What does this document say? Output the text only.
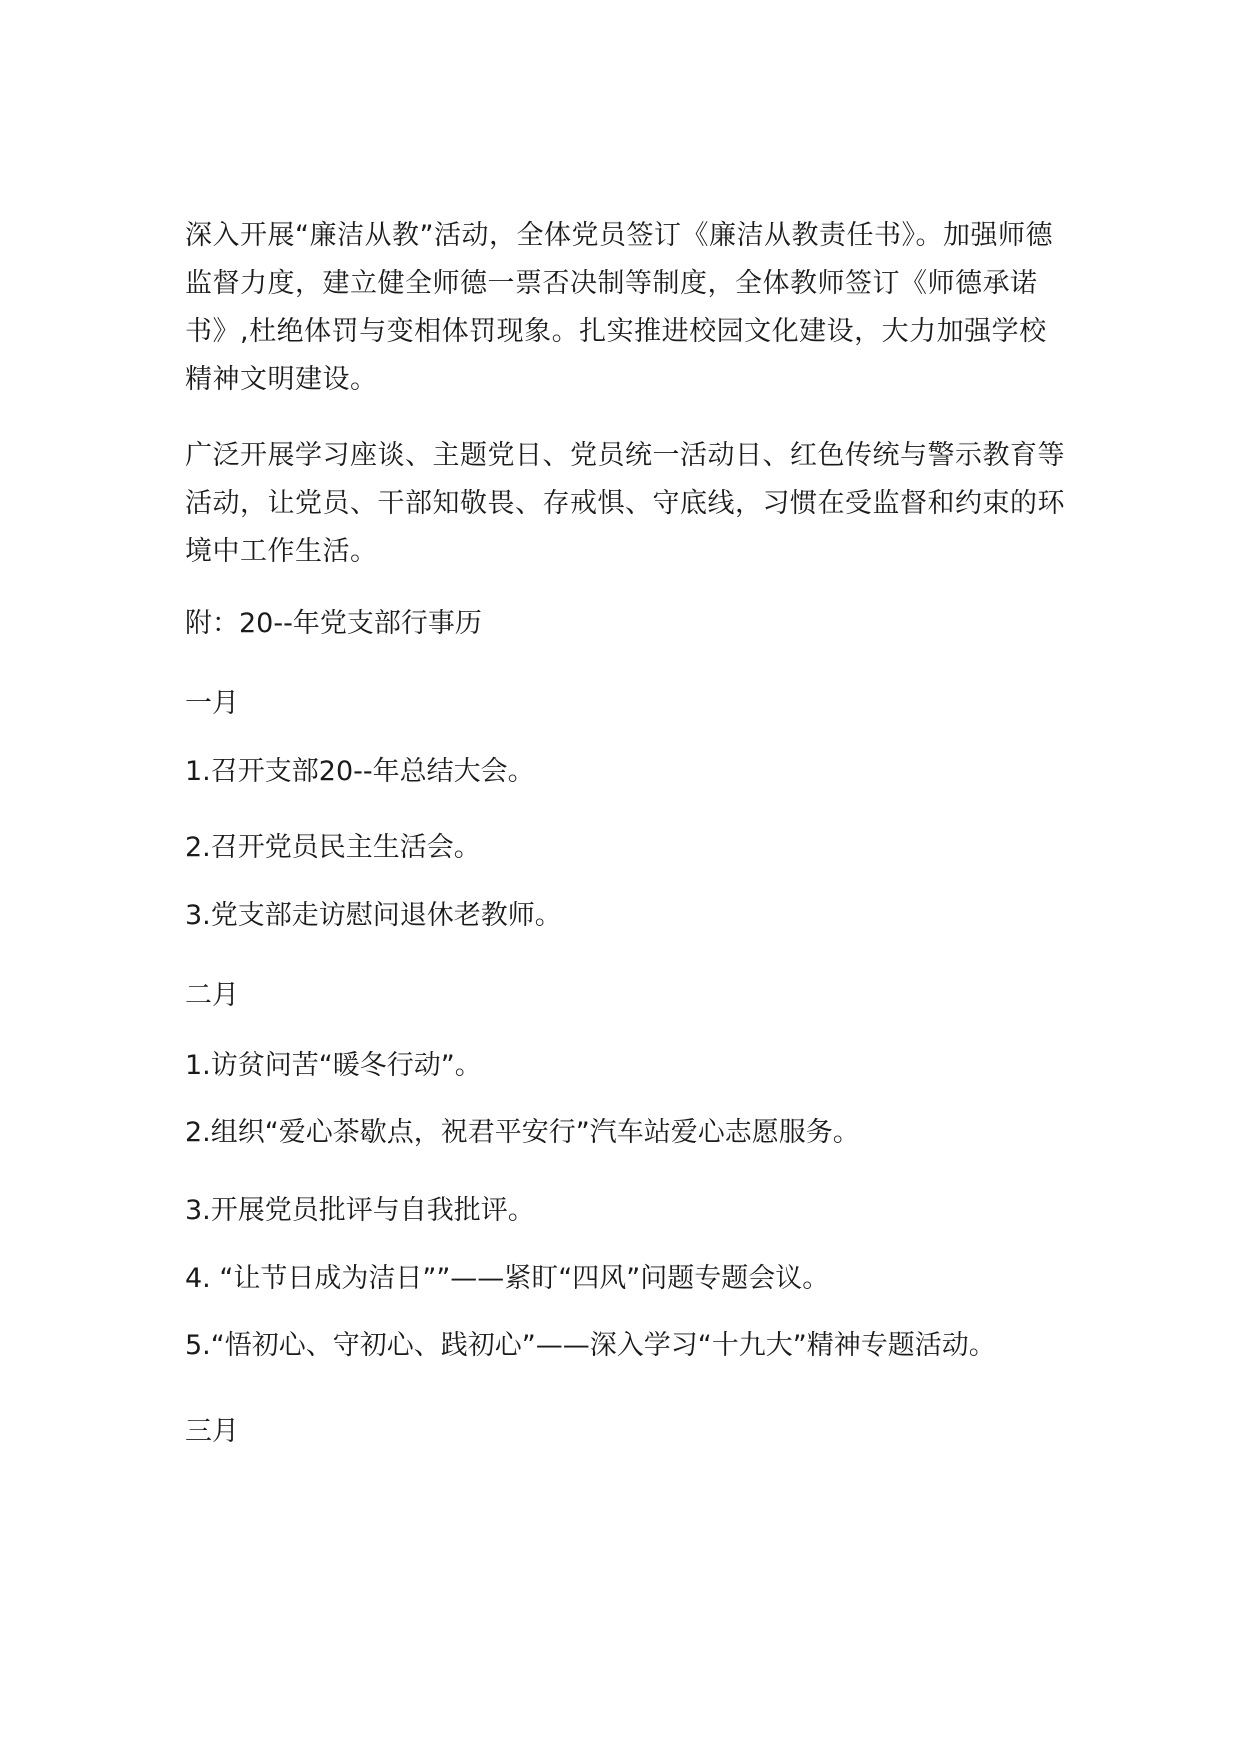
深入开展“廉洁从教”活动，全体党员签订《廉洁从教责任书》。加强师德监督力度，建立健全师德一票否决制等制度，全体教师签订《师德承诺书》,杜绝体罚与变相体罚现象。扎实推进校园文化建设，大力加强学校精神文明建设。

广泛开展学习座谈、主题党日、党员统一活动日、红色传统与警示教育等活动，让党员、干部知敬畏、存戒惧、守底线，习惯在受监督和约束的环境中工作生活。

附：20--年党支部行事历

一月

1.召开支部20--年总结大会。

2.召开党员民主生活会。

3.党支部走访慰问退休老教师。

二月

1.访贫问苦“暖冬行动”。

2.组织“爱心茶歇点，祝君平安行”汽车站爱心志愿服务。

3.开展党员批评与自我批评。

4. “让节日成为洁日””——紧盯“四风”问题专题会议。

5.“悟初心、守初心、践初心”——深入学习“十九大”精神专题活动。

三月
